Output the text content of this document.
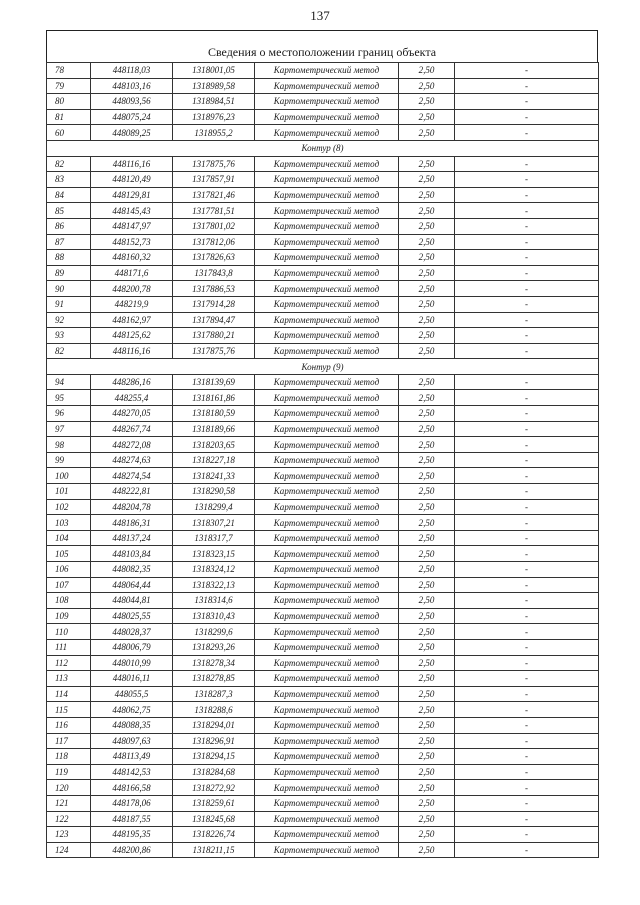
137
Сведения о местоположении границ объекта
78	448118,03	1318001,05	Картометрический метод	2,50	-
79	448103,16	1318989,58	Картометрический метод	2,50	-
80	448093,56	1318984,51	Картометрический метод	2,50	-
81	448075,24	1318976,23	Картометрический метод	2,50	-
60	448089,25	1318955,2	Картометрический метод	2,50	-
Контур (8)					
82	448116,16	1317875,76	Картометрический метод	2,50	-
83	448120,49	1317857,91	Картометрический метод	2,50	-
84	448129,81	1317821,46	Картометрический метод	2,50	-
85	448145,43	1317781,51	Картометрический метод	2,50	-
86	448147,97	1317801,02	Картометрический метод	2,50	-
87	448152,73	1317812,06	Картометрический метод	2,50	-
88	448160,32	1317826,63	Картометрический метод	2,50	-
89	448171,6	1317843,8	Картометрический метод	2,50	-
90	448200,78	1317886,53	Картометрический метод	2,50	-
91	448219,9	1317914,28	Картометрический метод	2,50	-
92	448162,97	1317894,47	Картометрический метод	2,50	-
93	448125,62	1317880,21	Картометрический метод	2,50	-
82	448116,16	1317875,76	Картометрический метод	2,50	-
Контур (9)					
94	448286,16	1318139,69	Картометрический метод	2,50	-
95	448255,4	1318161,86	Картометрический метод	2,50	-
96	448270,05	1318180,59	Картометрический метод	2,50	-
97	448267,74	1318189,66	Картометрический метод	2,50	-
98	448272,08	1318203,65	Картометрический метод	2,50	-
99	448274,63	1318227,18	Картометрический метод	2,50	-
100	448274,54	1318241,33	Картометрический метод	2,50	-
101	448222,81	1318290,58	Картометрический метод	2,50	-
102	448204,78	1318299,4	Картометрический метод	2,50	-
103	448186,31	1318307,21	Картометрический метод	2,50	-
104	448137,24	1318317,7	Картометрический метод	2,50	-
105	448103,84	1318323,15	Картометрический метод	2,50	-
106	448082,35	1318324,12	Картометрический метод	2,50	-
107	448064,44	1318322,13	Картометрический метод	2,50	-
108	448044,81	1318314,6	Картометрический метод	2,50	-
109	448025,55	1318310,43	Картометрический метод	2,50	-
110	448028,37	1318299,6	Картометрический метод	2,50	-
111	448006,79	1318293,26	Картометрический метод	2,50	-
112	448010,99	1318278,34	Картометрический метод	2,50	-
113	448016,11	1318278,85	Картометрический метод	2,50	-
114	448055,5	1318287,3	Картометрический метод	2,50	-
115	448062,75	1318288,6	Картометрический метод	2,50	-
116	448088,35	1318294,01	Картометрический метод	2,50	-
117	448097,63	1318296,91	Картометрический метод	2,50	-
118	448113,49	1318294,15	Картометрический метод	2,50	-
119	448142,53	1318284,68	Картометрический метод	2,50	-
120	448166,58	1318272,92	Картометрический метод	2,50	-
121	448178,06	1318259,61	Картометрический метод	2,50	-
122	448187,55	1318245,68	Картометрический метод	2,50	-
123	448195,35	1318226,74	Картометрический метод	2,50	-
124	448200,86	1318211,15	Картометрический метод	2,50	-
